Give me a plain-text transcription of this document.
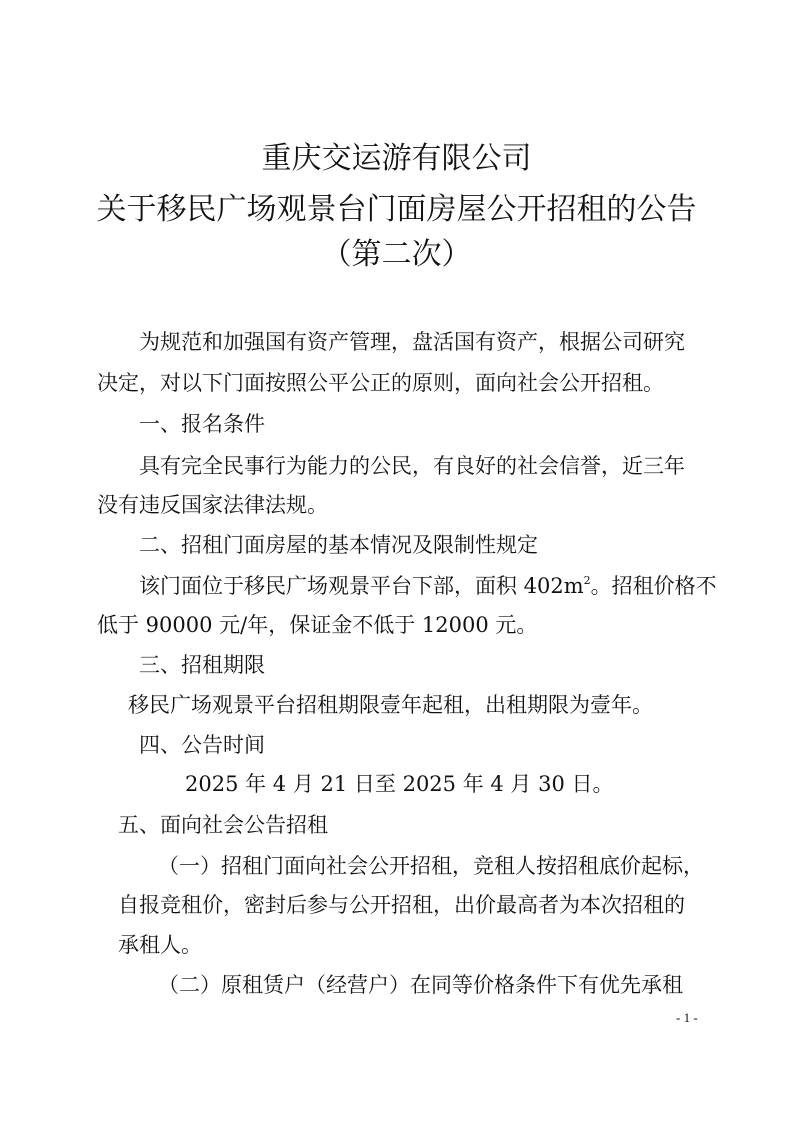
重庆交运游有限公司
关于移民广场观景台门面房屋公开招租的公告
（第二次）
为规范和加强国有资产管理，盘活国有资产，根据公司研究
决定，对以下门面按照公平公正的原则，面向社会公开招租。
一、报名条件
具有完全民事行为能力的公民，有良好的社会信誉，近三年
没有违反国家法律法规。
二、招租门面房屋的基本情况及限制性规定
该门面位于移民广场观景平台下部，面积 $402m^2$。招租价格不
低于 90000 元/年，保证金不低于 12000 元。
三、招租期限
移民广场观景平台招租期限壹年起租，出租期限为壹年。
四、公告时间
2025 年 4 月 21 日至 2025 年 4 月 30 日。
五、面向社会公告招租
（一）招租门面向社会公开招租，竞租人按招租底价起标，
自报竞租价，密封后参与公开招租，出价最高者为本次招租的
承租人。
（二）原租赁户（经营户）在同等价格条件下有优先承租
- 1 -
